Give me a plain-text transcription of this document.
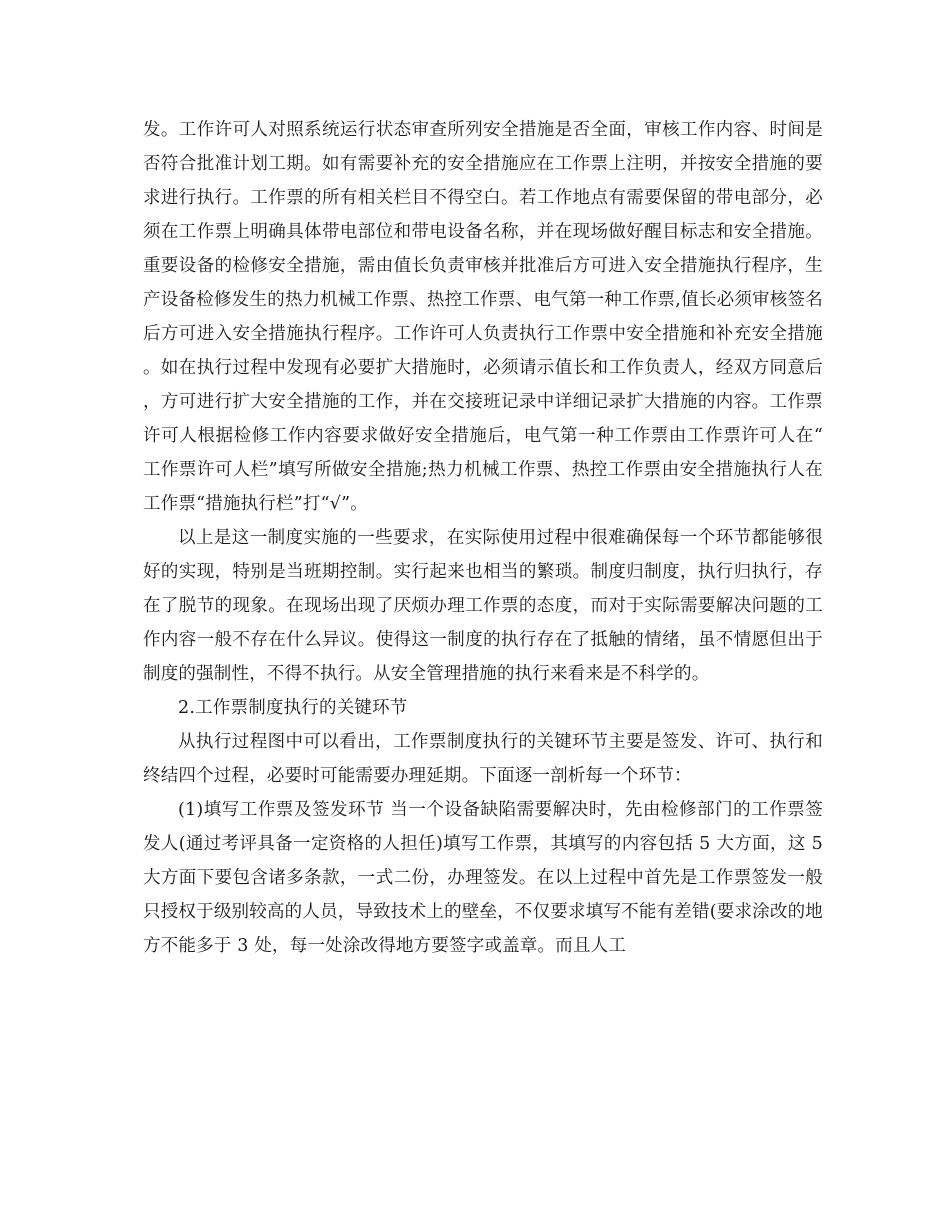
发。工作许可人对照系统运行状态审查所列安全措施是否全面，审核工作内容、时间是否符合批准计划工期。如有需要补充的安全措施应在工作票上注明，并按安全措施的要求进行执行。工作票的所有相关栏目不得空白。若工作地点有需要保留的带电部分，必须在工作票上明确具体带电部位和带电设备名称，并在现场做好醒目标志和安全措施。重要设备的检修安全措施，需由值长负责审核并批准后方可进入安全措施执行程序，生产设备检修发生的热力机械工作票、热控工作票、电气第一种工作票,值长必须审核签名后方可进入安全措施执行程序。工作许可人负责执行工作票中安全措施和补充安全措施。如在执行过程中发现有必要扩大措施时，必须请示值长和工作负责人，经双方同意后，方可进行扩大安全措施的工作，并在交接班记录中详细记录扩大措施的内容。工作票许可人根据检修工作内容要求做好安全措施后，电气第一种工作票由工作票许可人在“工作票许可人栏”填写所做安全措施;热力机械工作票、热控工作票由安全措施执行人在工作票“措施执行栏”打“√”。

以上是这一制度实施的一些要求，在实际使用过程中很难确保每一个环节都能够很好的实现，特别是当班期控制。实行起来也相当的繁琐。制度归制度，执行归执行，存在了脱节的现象。在现场出现了厌烦办理工作票的态度，而对于实际需要解决问题的工作内容一般不存在什么异议。使得这一制度的执行存在了抵触的情绪，虽不情愿但出于制度的强制性，不得不执行。从安全管理措施的执行来看来是不科学的。

2.工作票制度执行的关键环节

从执行过程图中可以看出，工作票制度执行的关键环节主要是签发、许可、执行和终结四个过程，必要时可能需要办理延期。下面逐一剖析每一个环节：

(1)填写工作票及签发环节 当一个设备缺陷需要解决时，先由检修部门的工作票签发人(通过考评具备一定资格的人担任)填写工作票，其填写的内容包括 5 大方面，这 5 大方面下要包含诸多条款，一式二份，办理签发。在以上过程中首先是工作票签发一般只授权于级别较高的人员，导致技术上的壁垒，不仅要求填写不能有差错(要求涂改的地方不能多于 3 处，每一处涂改得地方要签字或盖章。而且人工
